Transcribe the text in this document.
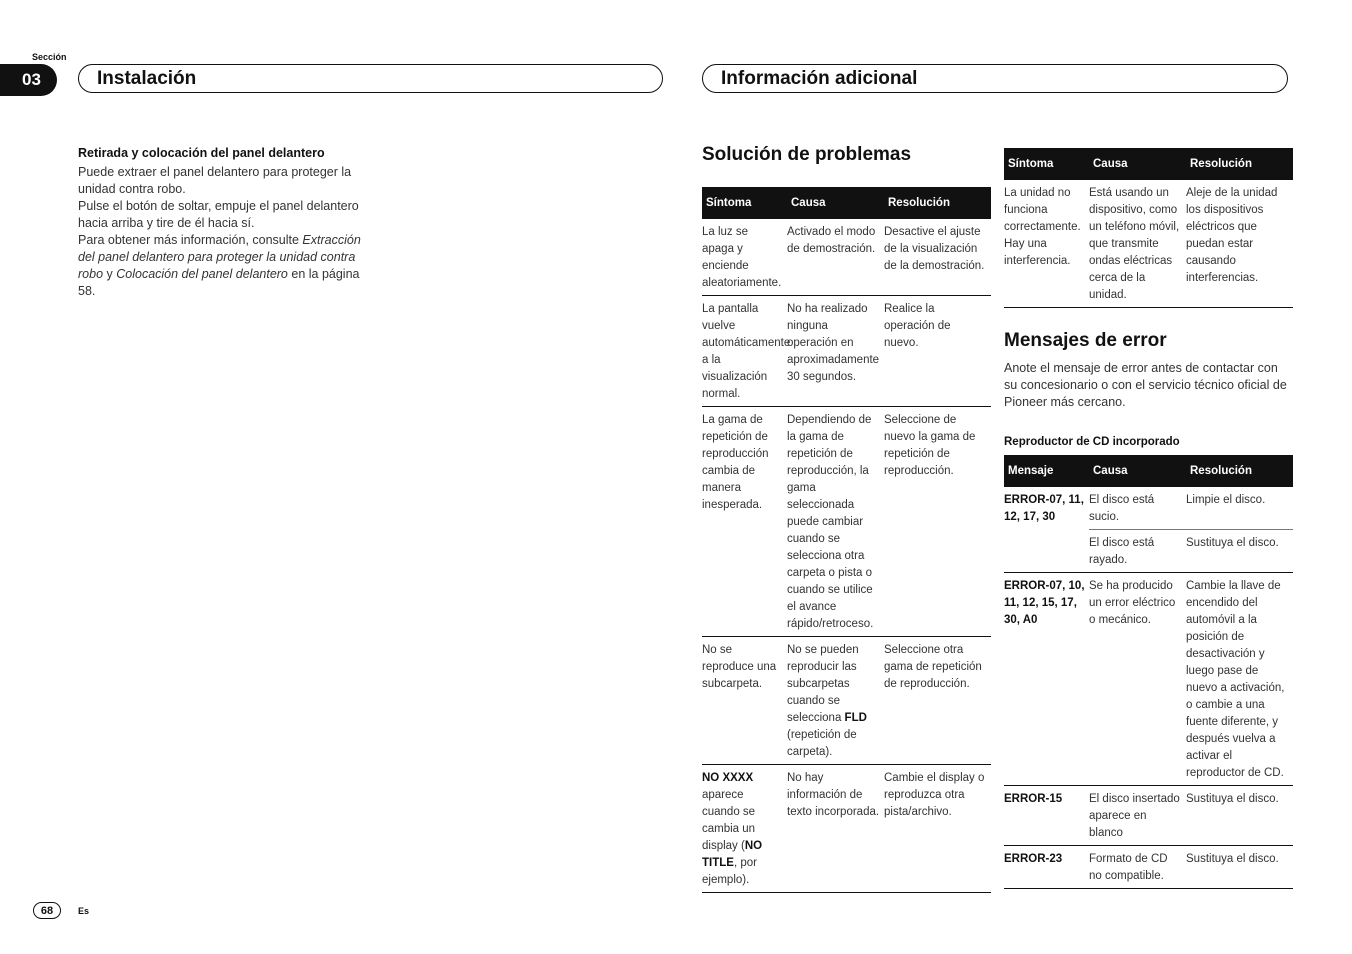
Sección
03	Instalación	Información adicional
Retirada y colocación del panel delantero

Puede extraer el panel delantero para proteger la unidad contra robo.

Pulse el botón de soltar, empuje el panel delantero hacia arriba y tire de él hacia sí.

Para obtener más información, consulte Extracción del panel delantero para proteger la unidad contra robo y Colocación del panel delantero en la página 58.

Solución de problemas
Síntoma	Causa	Resolución
La luz se apaga y enciende aleatoriamente.	Activado el modo de demostración.	Desactive el ajuste de la visualización de la demostración.
La pantalla vuelve automáticamente a la visualización normal.	No ha realizado ninguna operación en aproximadamente 30 segundos.	Realice la operación de nuevo.
La gama de repetición de reproducción cambia de manera inesperada.	Dependiendo de la gama de repetición de reproducción, la gama seleccionada puede cambiar cuando se selecciona otra carpeta o pista o cuando se utilice el avance rápido/retroceso.	Seleccione de nuevo la gama de repetición de reproducción.
No se reproduce una subcarpeta.	No se pueden reproducir las subcarpetas cuando se selecciona FLD (repetición de carpeta).	Seleccione otra gama de repetición de reproducción.
NO XXXX aparece cuando se cambia un display (NO TITLE, por ejemplo).	No hay información de texto incorporada.	Cambie el display o reproduzca otra pista/archivo.
Síntoma	Causa	Resolución
La unidad no funciona correctamente. Hay una interferencia.	Está usando un dispositivo, como un teléfono móvil, que transmite ondas eléctricas cerca de la unidad.	Aleje de la unidad los dispositivos eléctricos que puedan estar causando interferencias.
Mensajes de error
Anote el mensaje de error antes de contactar con su concesionario o con el servicio técnico oficial de Pioneer más cercano.
Reproductor de CD incorporado
Mensaje	Causa	Resolución
ERROR-07, 11, 12, 17, 30	El disco está sucio.	Limpie el disco.
	El disco está rayado.	Sustituya el disco.
ERROR-07, 10, 11, 12, 15, 17, 30, A0	Se ha producido un error eléctrico o mecánico.	Cambie la llave de encendido del automóvil a la posición de desactivación y luego pase de nuevo a activación, o cambie a una fuente diferente, y después vuelva a activar el reproductor de CD.
ERROR-15	El disco insertado aparece en blanco	Sustituya el disco.
ERROR-23	Formato de CD no compatible.	Sustituya el disco.
68	Es
